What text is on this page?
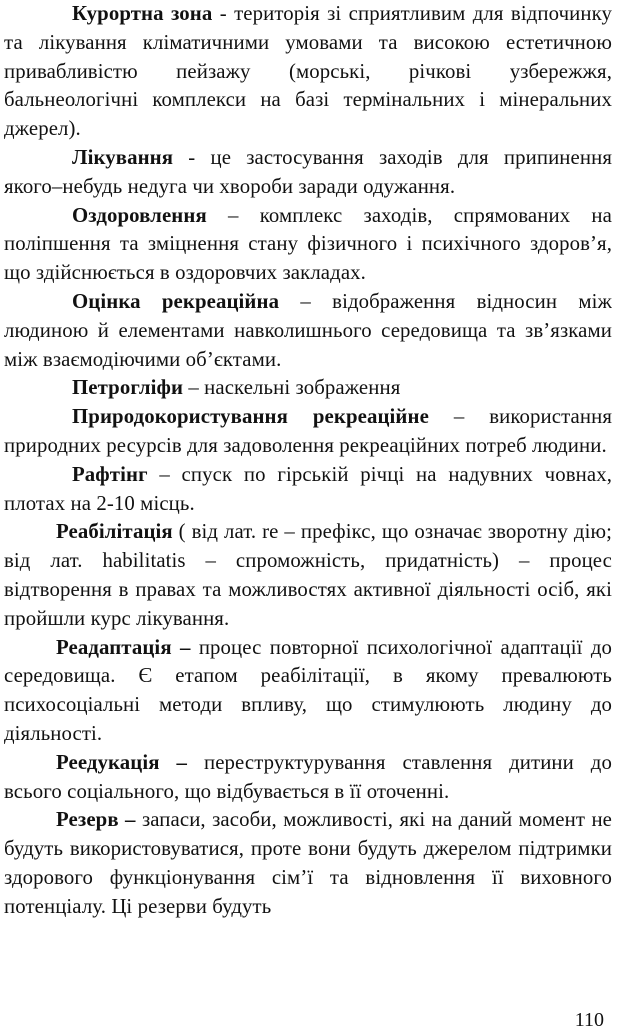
Курортна зона - територія зі сприятливим для відпочинку та лікування кліматичними умовами та високою естетичною привабливістю пейзажу (морські, річкові узбережжя, бальнеологічні комплекси на базі термінальних і мінеральних джерел).

Лікування - це застосування заходів для припинення якого–небудь недуга чи хвороби заради одужання.

Оздоровлення – комплекс заходів, спрямованих на поліпшення та зміцнення стану фізичного і психічного здоров’я, що здійснюється в оздоровчих закладах.

Оцінка рекреаційна – відображення відносин між людиною й елементами навколишнього середовища та зв’язками між взаємодіючими об’єктами.

Петрогліфи – наскельні зображення

Природокористування рекреаційне – використання природних ресурсів для задоволення рекреаційних потреб людини.

Рафтінг – спуск по гірській річці на надувних човнах, плотах на 2-10 місць.

Реабілітація ( від лат. re – префікс, що означає зворотну дію; від лат. habilitatis – спроможність, придатність) – процес відтворення в правах та можливостях активної діяльності осіб, які пройшли курс лікування.

Реадаптація – процес повторної психологічної адаптації до середовища. Є етапом реабілітації, в якому превалюють психосоціальні методи впливу, що стимулюють людину до діяльності.

Реедукація – переструктурування ставлення дитини до всього соціального, що відбувається в її оточенні.

Резерв – запаси, засоби, можливості, які на даний момент не будуть використовуватися, проте вони будуть джерелом підтримки здорового функціонування сім’ї та відновлення її виховного потенціалу. Ці резерви будуть

110
